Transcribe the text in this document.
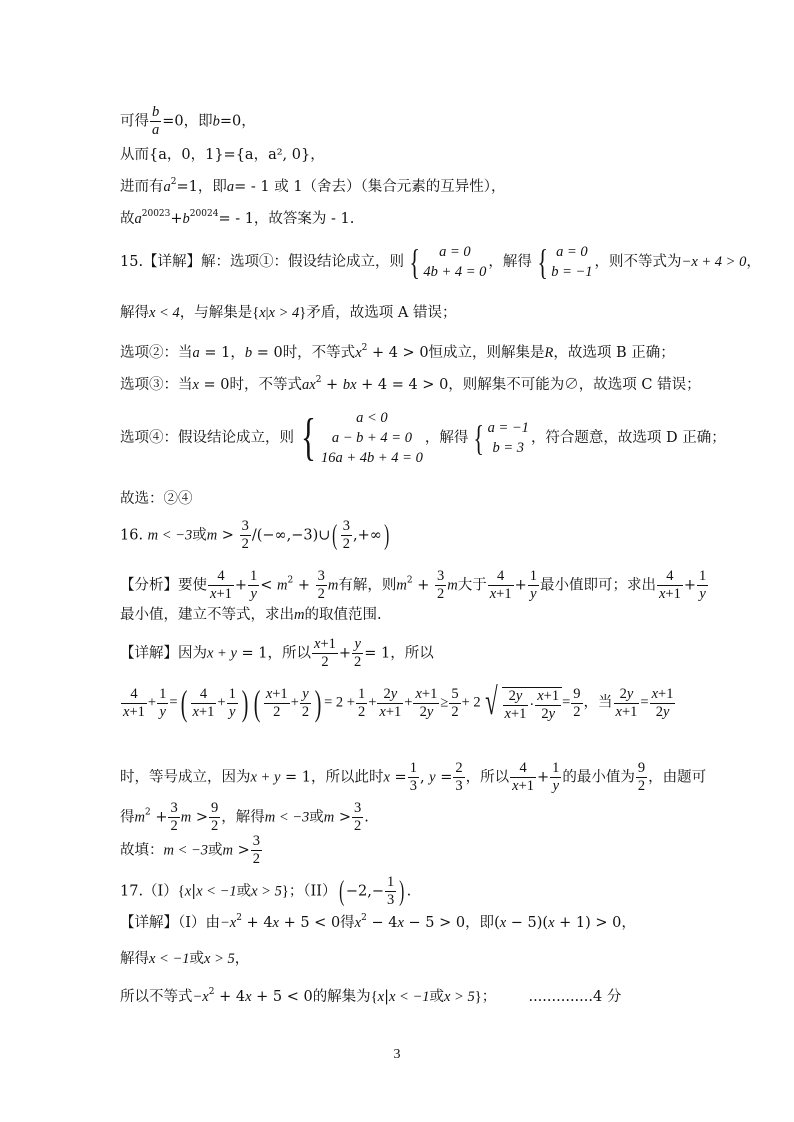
可得 $\frac{b}{a} =0$，即b=0，
从而{a，0，1}={a，a², 0}，
进而有$a^2=1$，即a= - 1 或 1（舍去）（集合元素的互异性），
故$a^{20023}+b^{20024}= - 1$，故答案为 - 1.
15.【详解】解：选项①：假设结论成立，则 {	a = 0
4b + 4 = 0
，解得 { a = 0
b = −1
，则不等式为−x + 4 > 0，
解得x < 4，与解集是{x|x > 4}矛盾，故选项 A 错误；
选项②：当a = 1，b = 0时，不等式$x^2 + 4 > 0$恒成立，则解集是R，故选项 B 正确；
选项③：当x = 0时，不等式$ax^2$ + bx + 4 = 4 > 0，则解集不可能为∅，故选项 C 错误；
选项④：假设结论成立，则 {	a < 0
a − b + 4 = 0
16a + 4b + 4 = 0
，解得 { a = −1
b = 3
，符合题意，故选项 D 正确；
故选：②④
16. m < −3或$m > \frac{3}{2}$ /(−∞,−3)∪( $\frac{3}{2}$ ,+∞)
【分析】要使 $\frac{4}{x+1} + \frac{1}{y} < m^2 + \frac{3}{2}$ m有解，则$m^2 + \frac{3}{2}$ m大于 $\frac{4}{x+1} + \frac{1}{y}$ 最小值即可；求出 $\frac{4}{x+1} + \frac{1}{y}$
最小值，建立不等式，求出m的取值范围.
【详解】因为x + y = 1，所以 $\frac{x+1}{2} + \frac{y}{2} = 1$，所以
$\frac{4}{x+1} + \frac{1}{y}$ =( $\frac{4}{x+1} + \frac{1}{y}$ ) ( $\frac{x+1}{2} + \frac{y}{2}$ ) = $2 + \frac{1}{2} + \frac{2y}{x+1} + \frac{x+1}{2y} \ge \frac{5}{2} + 2$ √ $\frac{2y}{x+1} \cdot \frac{x+1}{2y} = \frac{9}{2}$ ，当 $\frac{2y}{x+1} = \frac{x+1}{2y}$
时，等号成立，因为x + y = 1，所以此时$x = \frac{1}{3}$ , $y = \frac{2}{3}$ ，所以 $\frac{4}{x+1} + \frac{1}{y}$ 的最小值为 $\frac{9}{2}$ ，由题可
得$m^2 + \frac{3}{2}$ $m > \frac{9}{2}$ ，解得m < −3或$m > \frac{3}{2}$ .
故填：m < −3或$m > \frac{3}{2}$
17.（I）{x|x < −1或x > 5}；$(II)( -2,- \frac{1}{3}$ ) .
【详解】（I）由$-x^2 + 4x + 5 < 0$得$x^2 - 4x - 5 > 0$，即(x − 5)(x + 1) > 0，
解得x < −1或x > 5，
所以不等式$-x^2 + 4x + 5 < 0$的解集为{x|x < −1或x > 5}； ..............4 分
3
